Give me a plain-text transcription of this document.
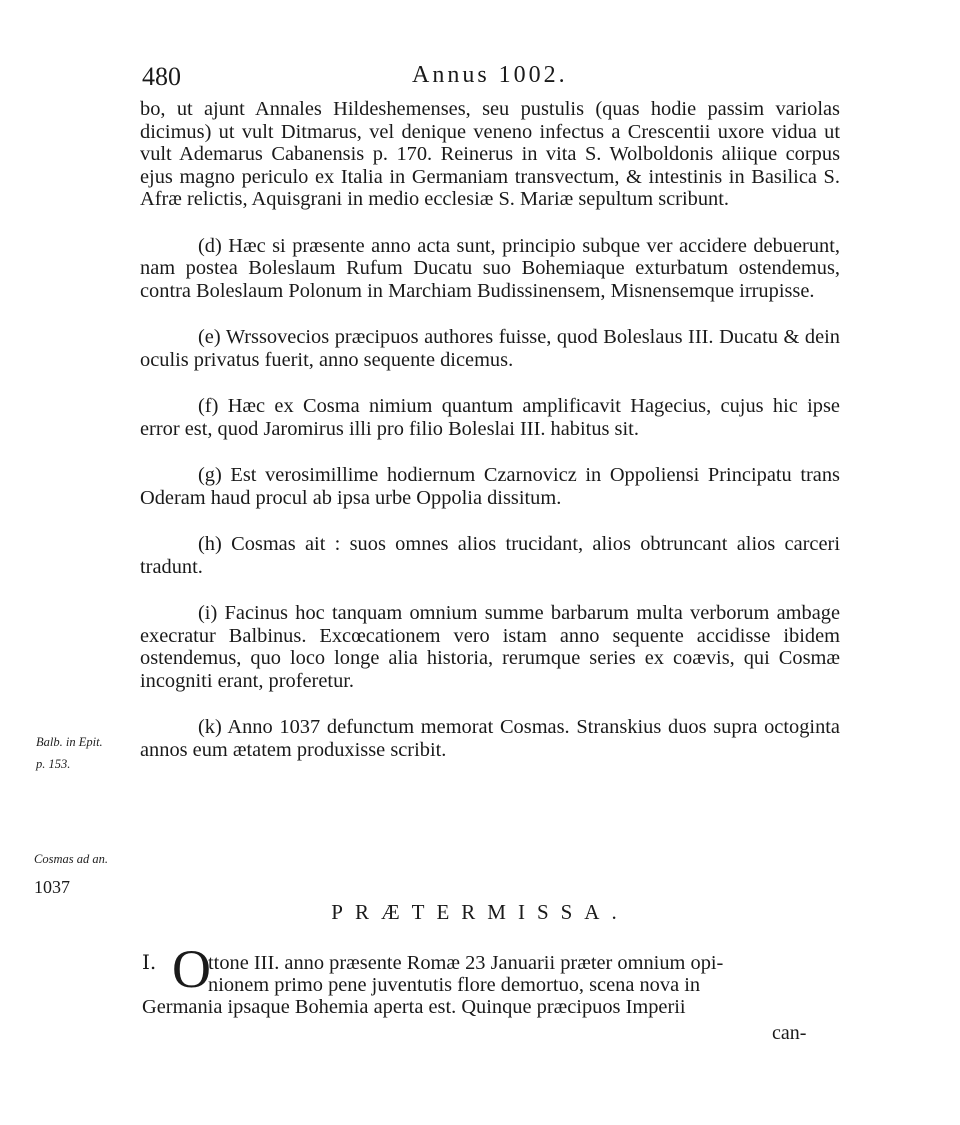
480	Annus 1002.

bo, ut ajunt Annales Hildeshemenses, seu pustulis (quas hodie passim variolas dicimus) ut vult Ditmarus, vel denique veneno infectus a Crescentii uxore vidua ut vult Ademarus Cabanensis p. 170. Reinerus in vita S. Wolboldonis aliique corpus ejus magno periculo ex Italia in Germaniam transvectum, & intestinis in Basilica S. Afræ relictis, Aquisgrani in medio ecclesiæ S. Mariæ sepultum scribunt.

(d) Hæc si præsente anno acta sunt, principio subque ver accidere debuerunt, nam postea Boleslaum Rufum Ducatu suo Bohemiaque exturbatum ostendemus, contra Boleslaum Polonum in Marchiam Budissinensem, Misnensemque irrupisse.

(e) Wrssovecios præcipuos authores fuisse, quod Boleslaus III. Ducatu & dein oculis privatus fuerit, anno sequente dicemus.

(f) Hæc ex Cosma nimium quantum amplificavit Hagecius, cujus hic ipse error est, quod Jaromirus illi pro filio Boleslai III. habitus sit.

(g) Est verosimillime hodiernum Czarnovicz in Oppoliensi Principatu trans Oderam haud procul ab ipsa urbe Oppolia dissitum.

(h) Cosmas ait : suos omnes alios trucidant, alios obtruncant alios carceri tradunt.

(i) Facinus hoc tanquam omnium summe barbarum multa verborum ambage execratur Balbinus. Excœcationem vero istam anno sequente accidisse ibidem ostendemus, quo loco longe alia historia, rerumque series ex coævis, qui Cosmæ incogniti erant, proferetur.

(k) Anno 1037 defunctum memorat Cosmas. Stranskius duos supra octoginta annos eum ætatem produxisse scribit.

Balb. in Epit.
p. 153.
Cosmas ad an.
1037
PRÆTERMISSA.
I. O
ttone III. anno præsente Romæ 23 Januarii præter omnium opi-
nionem primo pene juventutis flore demortuo, scena nova in
Germania ipsaque Bohemia aperta est. Quinque præcipuos Imperii
can-
